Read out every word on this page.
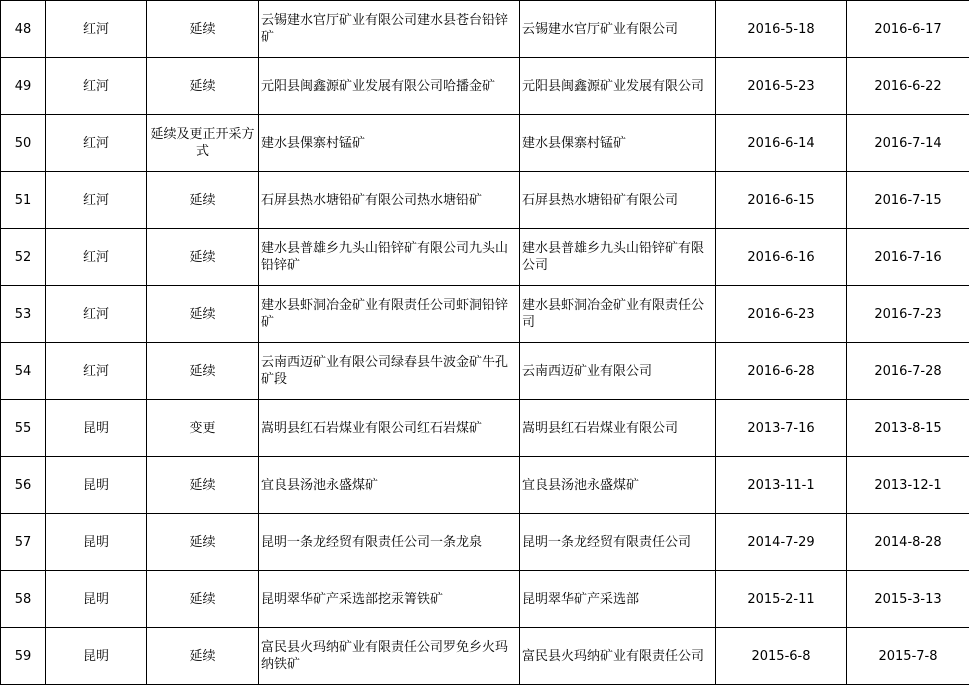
48	红河	延续	云锡建水官厅矿业有限公司建水县苍台铅锌矿	云锡建水官厅矿业有限公司	2016-5-18	2016-6-17
49	红河	延续	元阳县闽鑫源矿业发展有限公司哈播金矿	元阳县闽鑫源矿业发展有限公司	2016-5-23	2016-6-22
50	红河	延续及更正开采方式	建水县倮寨村锰矿	建水县倮寨村锰矿	2016-6-14	2016-7-14
51	红河	延续	石屏县热水塘铅矿有限公司热水塘铅矿	石屏县热水塘铅矿有限公司	2016-6-15	2016-7-15
52	红河	延续	建水县普雄乡九头山铅锌矿有限公司九头山铅锌矿	建水县普雄乡九头山铅锌矿有限公司	2016-6-16	2016-7-16
53	红河	延续	建水县虾洞冶金矿业有限责任公司虾洞铅锌矿	建水县虾洞冶金矿业有限责任公司	2016-6-23	2016-7-23
54	红河	延续	云南西迈矿业有限公司绿春县牛波金矿牛孔矿段	云南西迈矿业有限公司	2016-6-28	2016-7-28
55	昆明	变更	嵩明县红石岩煤业有限公司红石岩煤矿	嵩明县红石岩煤业有限公司	2013-7-16	2013-8-15
56	昆明	延续	宜良县汤池永盛煤矿	宜良县汤池永盛煤矿	2013-11-1	2013-12-1
57	昆明	延续	昆明一条龙经贸有限责任公司一条龙泉	昆明一条龙经贸有限责任公司	2014-7-29	2014-8-28
58	昆明	延续	昆明翠华矿产采选部挖汞箐铁矿	昆明翠华矿产采选部	2015-2-11	2015-3-13
59	昆明	延续	富民县火玛纳矿业有限责任公司罗免乡火玛纳铁矿	富民县火玛纳矿业有限责任公司	2015-6-8	2015-7-8
